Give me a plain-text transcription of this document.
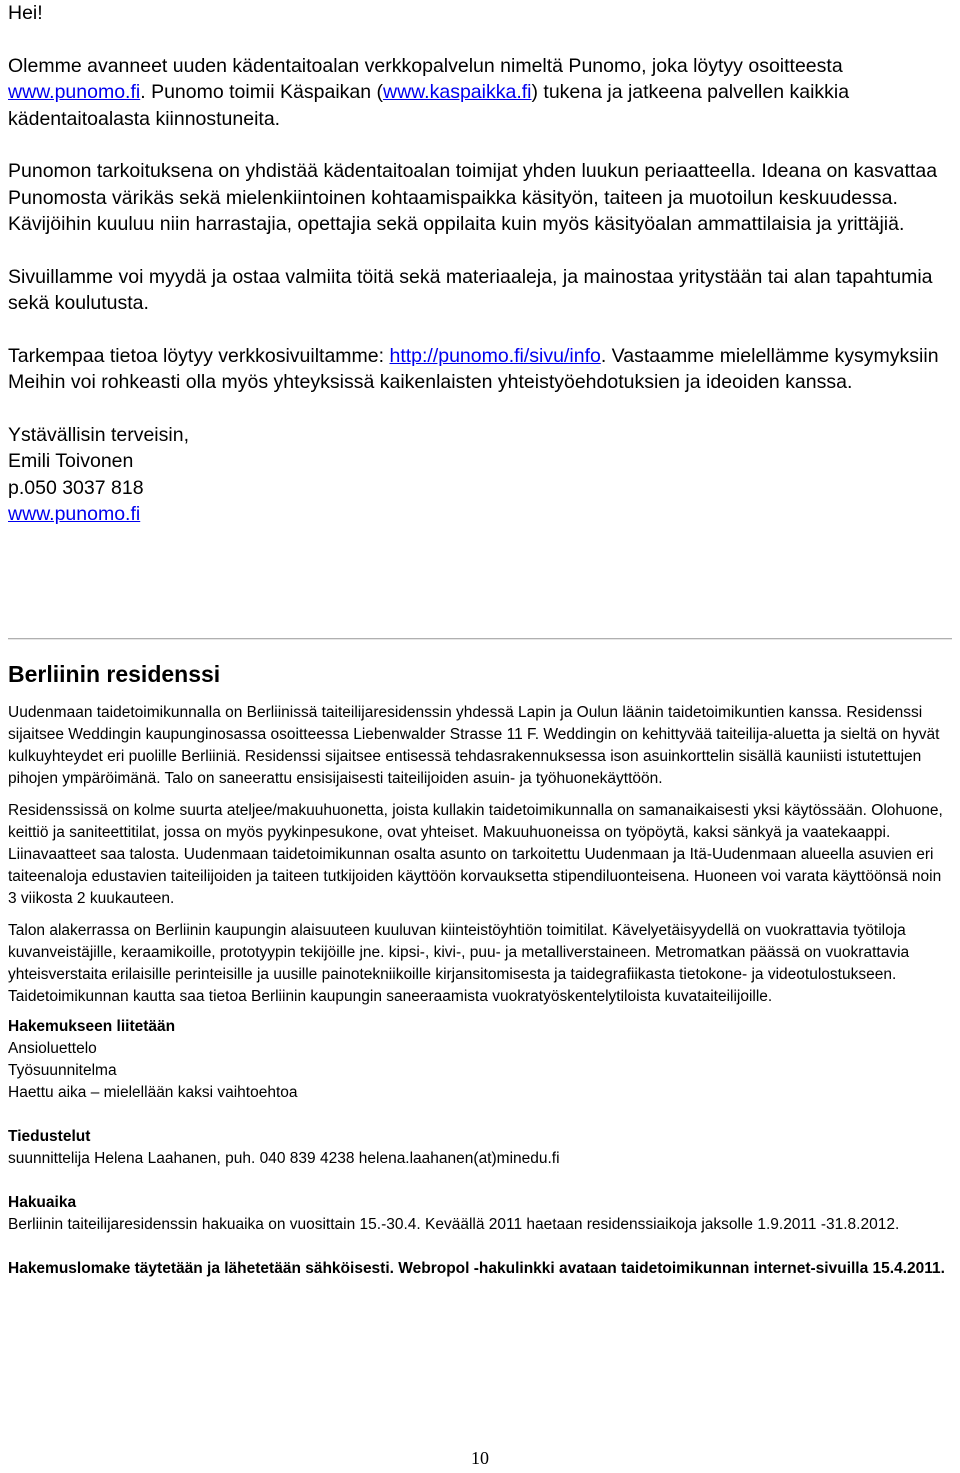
Hei!

Olemme avanneet uuden kädentaitoalan verkkopalvelun nimeltä Punomo, joka löytyy osoitteesta www.punomo.fi. Punomo toimii Käspaikan (www.kaspaikka.fi) tukena ja jatkeena palvellen kaikkia kädentaitoalasta kiinnostuneita.

Punomon tarkoituksena on yhdistää kädentaitoalan toimijat yhden luukun periaatteella. Ideana on kasvattaa Punomosta värikäs sekä mielenkiintoinen kohtaamispaikka käsityön, taiteen ja muotoilun keskuudessa. Kävijöihin kuuluu niin harrastajia, opettajia sekä oppilaita kuin myös käsityöalan ammattilaisia ja yrittäjiä.

Sivuillamme voi myydä ja ostaa valmiita töitä sekä materiaaleja, ja mainostaa yritystään tai alan tapahtumia sekä koulutusta.

Tarkempaa tietoa löytyy verkkosivuiltamme: http://punomo.fi/sivu/info. Vastaamme mielellämme kysymyksiin Meihin voi rohkeasti olla myös yhteyksissä kaikenlaisten yhteistyöehdotuksien ja ideoiden kanssa.

Ystävällisin terveisin,

Emili Toivonen

p.050 3037 818

www.punomo.fi

Berliinin residenssi

Uudenmaan taidetoimikunnalla on Berliinissä taiteilijaresidenssin yhdessä Lapin ja Oulun läänin taidetoimikuntien kanssa. Residenssi sijaitsee Weddingin kaupunginosassa osoitteessa Liebenwalder Strasse 11 F. Weddingin on kehittyvää taiteilija-aluetta ja sieltä on hyvät kulkuyhteydet eri puolille Berliiniä. Residenssi sijaitsee entisessä tehdasrakennuksessa ison asuinkorttelin sisällä kauniisti istutettujen pihojen ympäröimänä. Talo on saneerattu ensisijaisesti taiteilijoiden asuin- ja työhuonekäyttöön.

Residenssissä on kolme suurta ateljee/makuuhuonetta, joista kullakin taidetoimikunnalla on samanaikaisesti yksi käytössään. Olohuone, keittiö ja saniteettitilat, jossa on myös pyykinpesukone, ovat yhteiset. Makuuhuoneissa on työpöytä, kaksi sänkyä ja vaatekaappi. Liinavaatteet saa talosta. Uudenmaan taidetoimikunnan osalta asunto on tarkoitettu Uudenmaan ja Itä-Uudenmaan alueella asuvien eri taiteenaloja edustavien taiteilijoiden ja taiteen tutkijoiden käyttöön korvauksetta stipendiluonteisena. Huoneen voi varata käyttöönsä noin 3 viikosta 2 kuukauteen.

Talon alakerrassa on Berliinin kaupungin alaisuuteen kuuluvan kiinteistöyhtiön toimitilat. Kävelyetäisyydellä on vuokrattavia työtiloja kuvanveistäjille, keraamikoille, prototyypin tekijöille jne. kipsi-, kivi-, puu- ja metalliverstaineen. Metromatkan päässä on vuokrattavia yhteisverstaita erilaisille perinteisille ja uusille painotekniikoille kirjansitomisesta ja taidegrafiikasta tietokone- ja videotulostukseen. Taidetoimikunnan kautta saa tietoa Berliinin kaupungin saneeraamista vuokratyöskentelytiloista kuvataiteilijoille.

Hakemukseen liitetään

Ansioluettelo

Työsuunnitelma

Haettu aika – mielellään kaksi vaihtoehtoa

Tiedustelut

suunnittelija Helena Laahanen, puh. 040 839 4238 helena.laahanen(at)minedu.fi

Hakuaika

Berliinin taiteilijaresidenssin hakuaika on vuosittain 15.-30.4. Keväällä 2011 haetaan residenssiaikoja jaksolle 1.9.2011 -31.8.2012.

Hakemuslomake täytetään ja lähetetään sähköisesti. Webropol -hakulinkki avataan taidetoimikunnan internet-sivuilla 15.4.2011.

10
